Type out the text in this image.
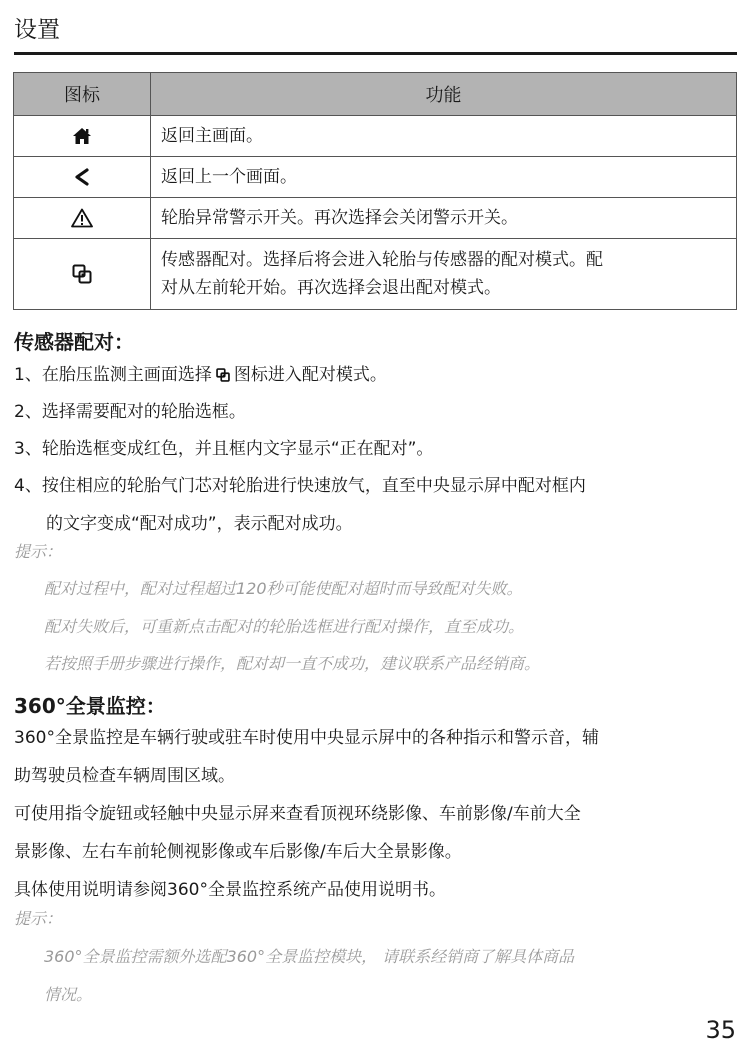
设置
图标	功能

	返回主画面。

	返回上一个画面。

	轮胎异常警示开关。再次选择会关闭警示开关。

传感器配对。选择后将会进入轮胎与传感器的配对模式。配
对从左前轮开始。再次选择会退出配对模式。
传感器配对：
1、在胎压监测主画面选择 图标进入配对模式。
2、选择需要配对的轮胎选框。
3、轮胎选框变成红色，并且框内文字显示“正在配对”。
4、按住相应的轮胎气门芯对轮胎进行快速放气，直至中央显示屏中配对框内
的文字变成“配对成功”，表示配对成功。
提示：
配对过程中，配对过程超过120秒可能使配对超时而导致配对失败。
配对失败后，可重新点击配对的轮胎选框进行配对操作，直至成功。
若按照手册步骤进行操作，配对却一直不成功，建议联系产品经销商。
360°全景监控：
360°全景监控是车辆行驶或驻车时使用中央显示屏中的各种指示和警示音，辅
助驾驶员检查车辆周围区域。
可使用指令旋钮或轻触中央显示屏来查看顶视环绕影像、车前影像/车前大全
景影像、左右车前轮侧视影像或车后影像/车后大全景影像。
具体使用说明请参阅360°全景监控系统产品使用说明书。
提示：
360°全景监控需额外选配360°全景监控模块， 请联系经销商了解具体商品
情况。
35
